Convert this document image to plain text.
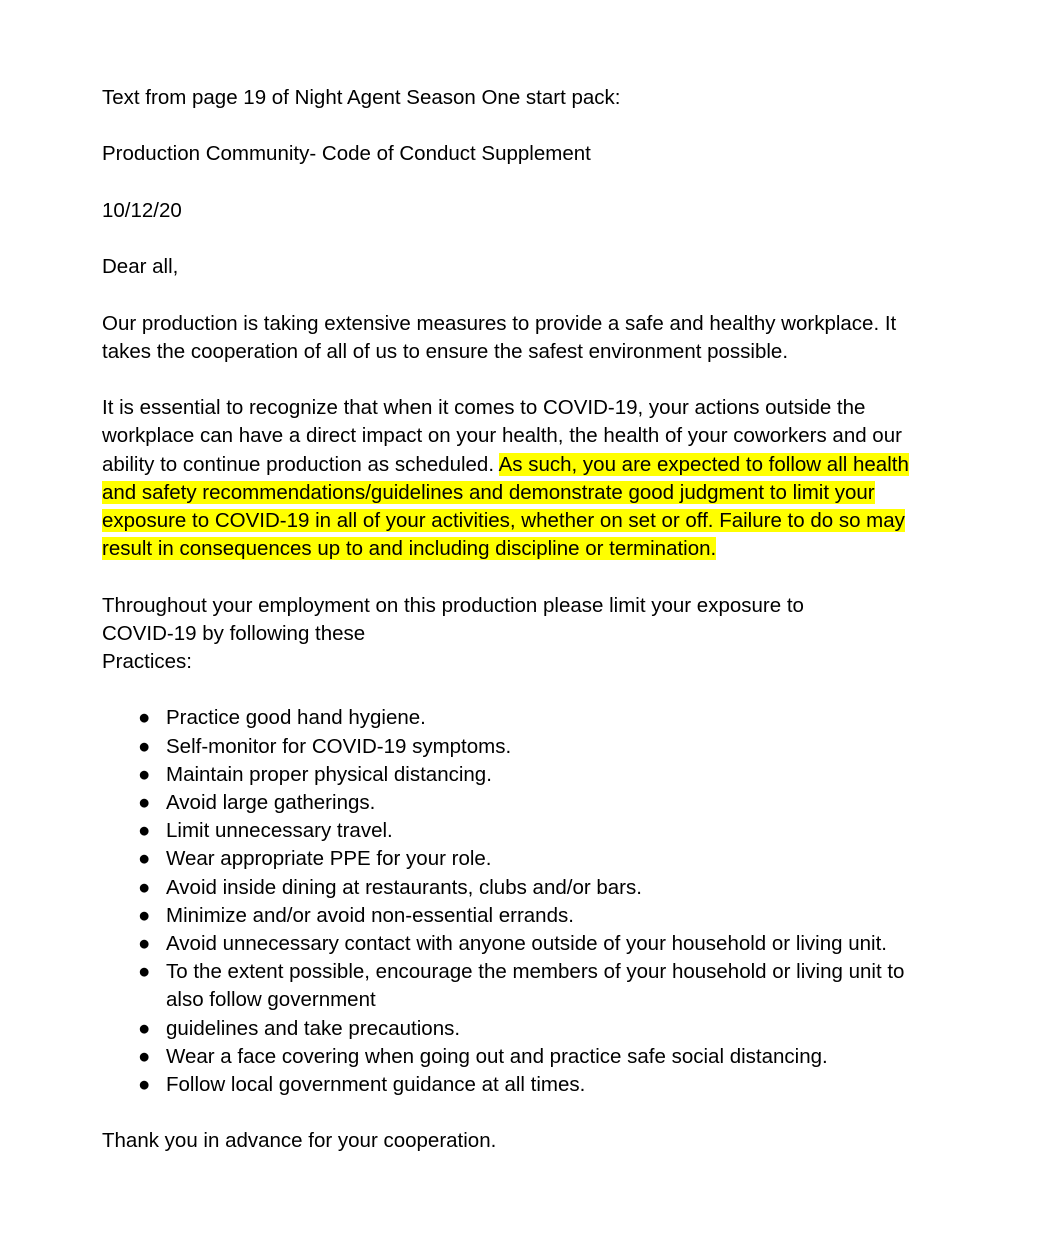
Text from page 19 of Night Agent Season One start pack:

Production Community- Code of Conduct Supplement

10/12/20

Dear all,

Our production is taking extensive measures to provide a safe and healthy workplace. It takes the cooperation of all of us to ensure the safest environment possible.

It is essential to recognize that when it comes to COVID-19, your actions outside the workplace can have a direct impact on your health, the health of your coworkers and our ability to continue production as scheduled. As such, you are expected to follow all health and safety recommendations/guidelines and demonstrate good judgment to limit your exposure to COVID-19 in all of your activities, whether on set or off. Failure to do so may result in consequences up to and including discipline or termination.

Throughout your employment on this production please limit your exposure to
COVID-19 by following these
Practices:

● Practice good hand hygiene.
● Self-monitor for COVID-19 symptoms.
● Maintain proper physical distancing.
● Avoid large gatherings.
● Limit unnecessary travel.
● Wear appropriate PPE for your role.
● Avoid inside dining at restaurants, clubs and/or bars.
● Minimize and/or avoid non-essential errands.
● Avoid unnecessary contact with anyone outside of your household or living unit.
● To the extent possible, encourage the members of your household or living unit to also follow government
● guidelines and take precautions.
● Wear a face covering when going out and practice safe social distancing.
● Follow local government guidance at all times.

Thank you in advance for your cooperation.
